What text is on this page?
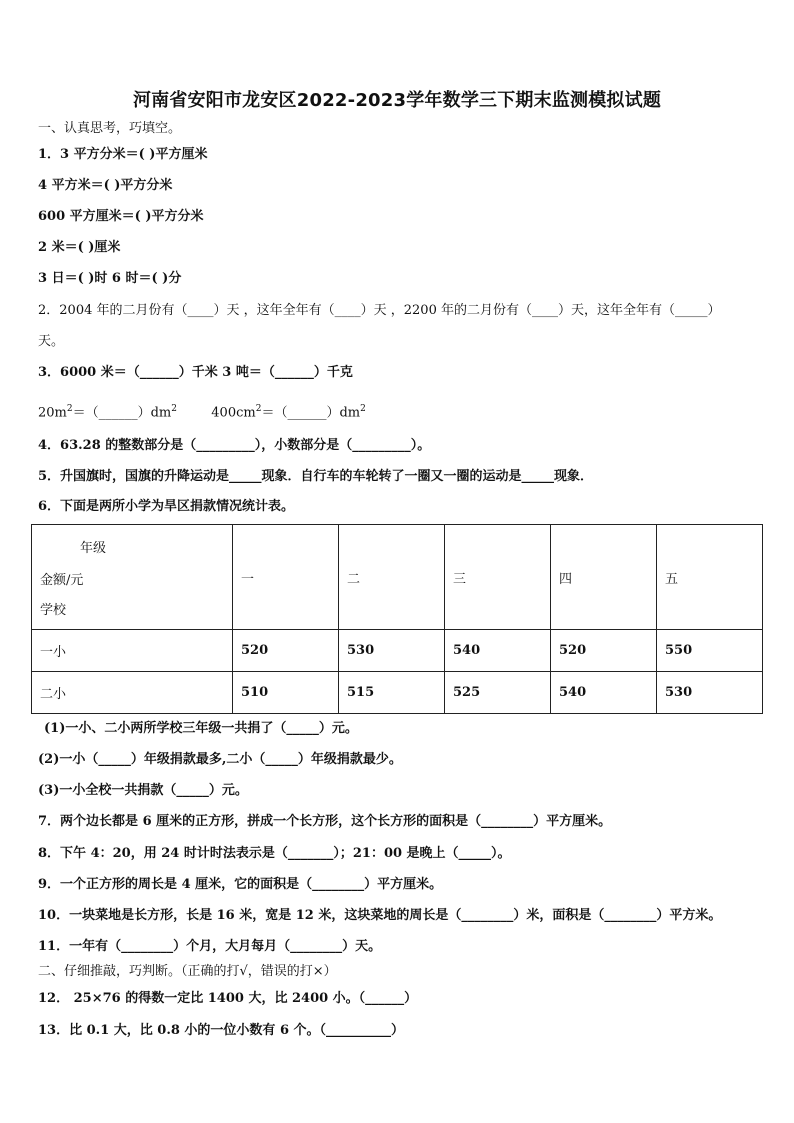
河南省安阳市龙安区2022-2023学年数学三下期末监测模拟试题
一、认真思考，巧填空。
1．3 平方分米＝( )平方厘米
4 平方米＝( )平方分米
600 平方厘米＝( )平方分米
2 米＝( )厘米
3 日＝( )时 6 时＝( )分
2．2004 年的二月份有（____）天 ，这年全年有（____）天 ，2200 年的二月份有（____）天，这年全年有（_____）
天。
3．6000 米＝（______）千米 3 吨＝（______）千克
$20m^2=(\_\_\_\_\_\_)dm^2$	$400cm^2=(\_\_\_\_\_\_)dm^2$
4．63.28 的整数部分是（_________），小数部分是（_________）。
5．升国旗时，国旗的升降运动是_____现象．自行车的车轮转了一圈又一圈的运动是_____现象．
6．下面是两所小学为旱区捐款情况统计表。
年级
金额/元
学校	一	二	三	四	五
一小	520	530	540	520	550
二小	510	515	525	540	530
(1)一小、二小两所学校三年级一共捐了（_____）元。
(2)一小（_____）年级捐款最多,二小（_____）年级捐款最少。
(3)一小全校一共捐款（_____）元。
7．两个边长都是 6 厘米的正方形，拼成一个长方形，这个长方形的面积是（________）平方厘米。
8．下午 4：20，用 24 时计时法表示是（_______）；21：00 是晚上（_____）。
9．一个正方形的周长是 4 厘米，它的面积是（________）平方厘米。
10．一块菜地是长方形，长是 16 米，宽是 12 米，这块菜地的周长是（________）米，面积是（________）平方米。
11．一年有（________）个月，大月每月（________）天。
二、仔细推敲，巧判断。（正确的打√，错误的打×）
12． 25×76 的得数一定比 1400 大，比 2400 小。（______）
13．比 0.1 大，比 0.8 小的一位小数有 6 个。（__________）
